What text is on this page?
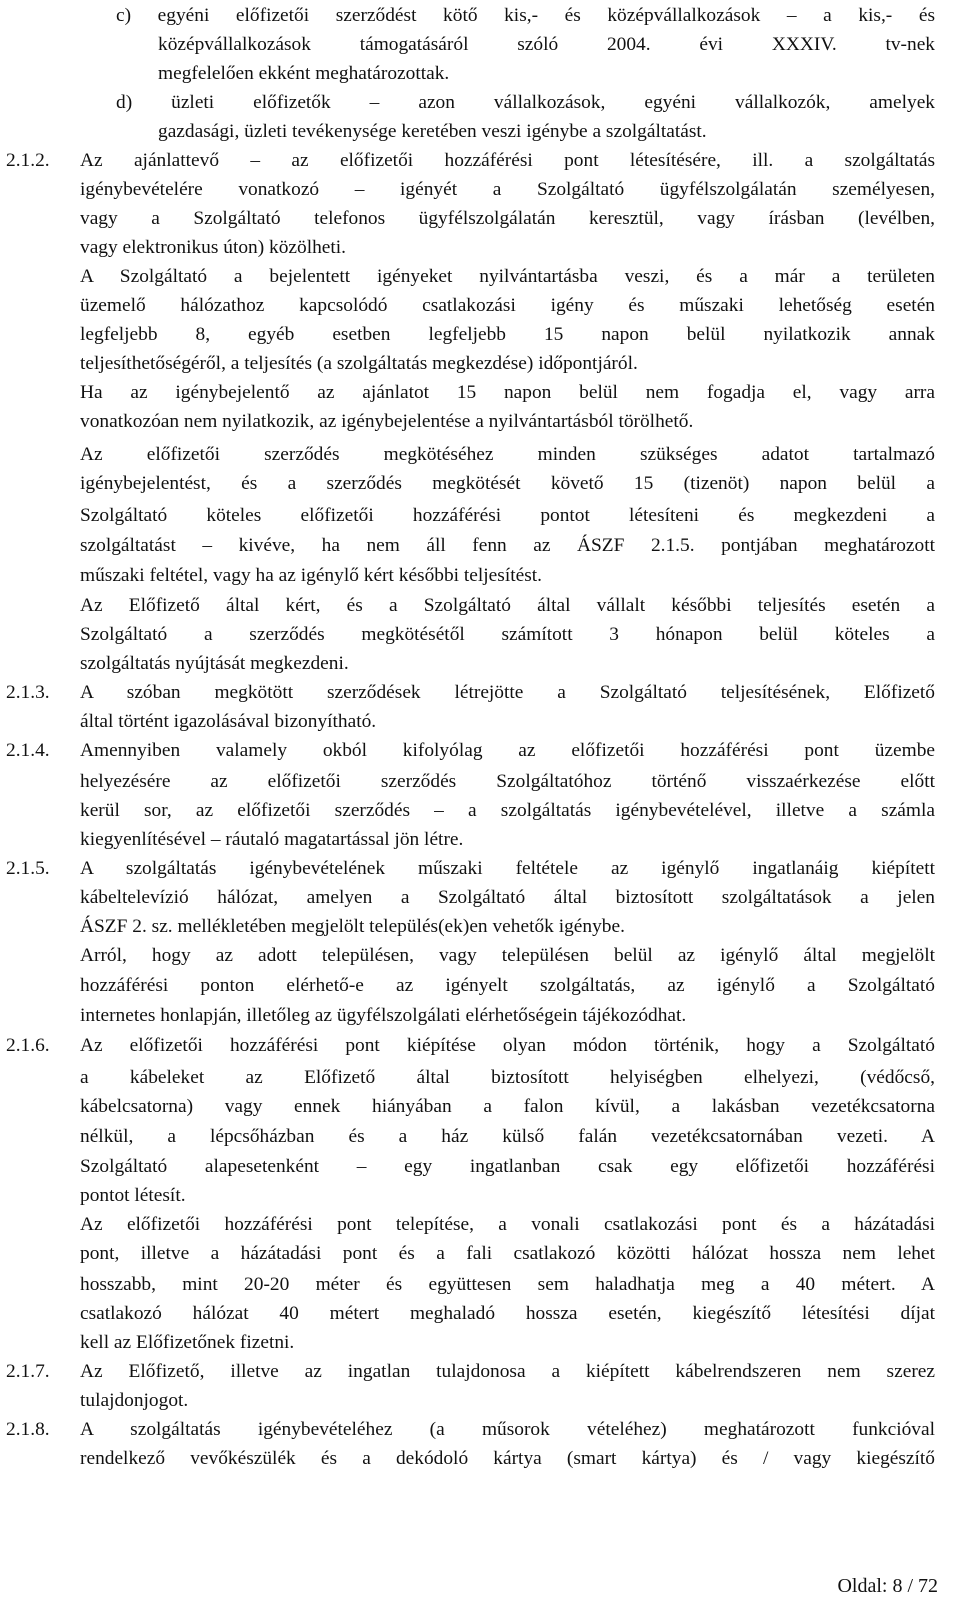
c) egyéni előfizetői szerződést kötő kis,- és középvállalkozások – a kis,- és
középvállalkozások támogatásáról szóló 2004. évi XXXIV. tv-nek
megfelelően ekként meghatározottak.
d) üzleti előfizetők – azon vállalkozások, egyéni vállalkozók, amelyek
gazdasági, üzleti tevékenysége keretében veszi igénybe a szolgáltatást.
2.1.2. Az ajánlattevő – az előfizetői hozzáférési pont létesítésére, ill. a szolgáltatás
igénybevételére vonatkozó – igényét a Szolgáltató ügyfélszolgálatán személyesen,
vagy a Szolgáltató telefonos ügyfélszolgálatán keresztül, vagy írásban (levélben,
vagy elektronikus úton) közölheti.
A Szolgáltató a bejelentett igényeket nyilvántartásba veszi, és a már a területen
üzemelő hálózathoz kapcsolódó csatlakozási igény és műszaki lehetőség esetén
legfeljebb 8, egyéb esetben legfeljebb 15 napon belül nyilatkozik annak
teljesíthetőségéről, a teljesítés (a szolgáltatás megkezdése) időpontjáról.
Ha az igénybejelentő az ajánlatot 15 napon belül nem fogadja el, vagy arra
vonatkozóan nem nyilatkozik, az igénybejelentése a nyilvántartásból törölhető.
Az előfizetői szerződés megkötéséhez minden szükséges adatot tartalmazó
igénybejelentést, és a szerződés megkötését követő 15 (tizenöt) napon belül a
Szolgáltató köteles előfizetői hozzáférési pontot létesíteni és megkezdeni a
szolgáltatást – kivéve, ha nem áll fenn az ÁSZF 2.1.5. pontjában meghatározott
műszaki feltétel, vagy ha az igénylő kért későbbi teljesítést.
Az Előfizető által kért, és a Szolgáltató által vállalt későbbi teljesítés esetén a
Szolgáltató a szerződés megkötésétől számított 3 hónapon belül köteles a
szolgáltatás nyújtását megkezdeni.
2.1.3. A szóban megkötött szerződések létrejötte a Szolgáltató teljesítésének, Előfizető
által történt igazolásával bizonyítható.
2.1.4. Amennyiben valamely okból kifolyólag az előfizetői hozzáférési pont üzembe
helyezésére az előfizetői szerződés Szolgáltatóhoz történő visszaérkezése előtt
kerül sor, az előfizetői szerződés – a szolgáltatás igénybevételével, illetve a számla
kiegyenlítésével – ráutaló magatartással jön létre.
2.1.5. A szolgáltatás igénybevételének műszaki feltétele az igénylő ingatlanáig kiépített
kábeltelevízió hálózat, amelyen a Szolgáltató által biztosított szolgáltatások a jelen
ÁSZF 2. sz. mellékletében megjelölt település(ek)en vehetők igénybe.
Arról, hogy az adott településen, vagy településen belül az igénylő által megjelölt
hozzáférési ponton elérhető-e az igényelt szolgáltatás, az igénylő a Szolgáltató
internetes honlapján, illetőleg az ügyfélszolgálati elérhetőségein tájékozódhat.
2.1.6. Az előfizetői hozzáférési pont kiépítése olyan módon történik, hogy a Szolgáltató
a kábeleket az Előfizető által biztosított helyiségben elhelyezi, (védőcső,
kábelcsatorna) vagy ennek hiányában a falon kívül, a lakásban vezetékcsatorna
nélkül, a lépcsőházban és a ház külső falán vezetékcsatornában vezeti. A
Szolgáltató alapesetenként – egy ingatlanban csak egy előfizetői hozzáférési
pontot létesít.
Az előfizetői hozzáférési pont telepítése, a vonali csatlakozási pont és a házátadási
pont, illetve a házátadási pont és a fali csatlakozó közötti hálózat hossza nem lehet
hosszabb, mint 20-20 méter és együttesen sem haladhatja meg a 40 métert. A
csatlakozó hálózat 40 métert meghaladó hossza esetén, kiegészítő létesítési díjat
kell az Előfizetőnek fizetni.
2.1.7. Az Előfizető, illetve az ingatlan tulajdonosa a kiépített kábelrendszeren nem szerez
tulajdonjogot.
2.1.8. A szolgáltatás igénybevételéhez (a műsorok vételéhez) meghatározott funkcióval
rendelkező vevőkészülék és a dekódoló kártya (smart kártya) és / vagy kiegészítő
Oldal: 8 / 72
